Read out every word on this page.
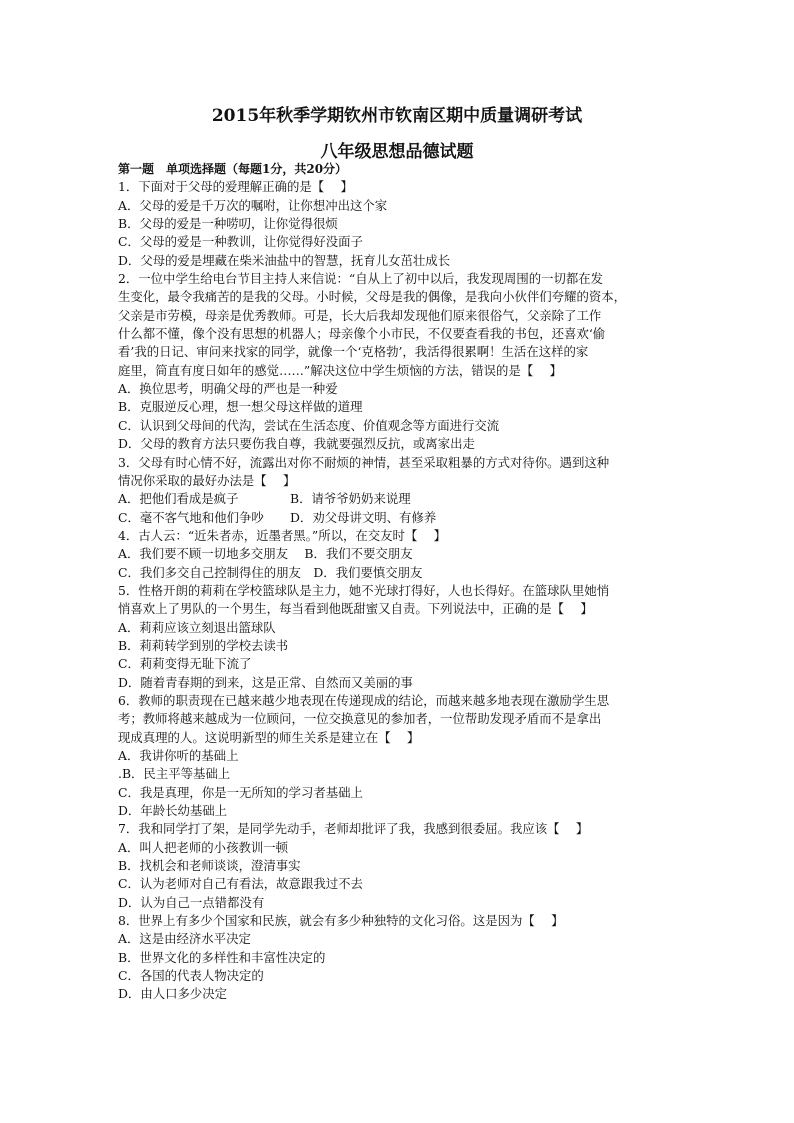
2015年秋季学期钦州市钦南区期中质量调研考试
八年级思想品德试题
第一题　单项选择题（每题1分，共20分）
1．下面对于父母的爱理解正确的是【　 】
A．父母的爱是千万次的嘱咐，让你想冲出这个家
B．父母的爱是一种唠叨，让你觉得很烦
C．父母的爱是一种教训，让你觉得好没面子
D．父母的爱是埋藏在柴米油盐中的智慧，抚育儿女茁壮成长
2．一位中学生给电台节目主持人来信说：“自从上了初中以后，我发现周围的一切都在发
生变化，最令我痛苦的是我的父母。小时候，父母是我的偶像，是我向小伙伴们夸耀的资本，
父亲是市劳模，母亲是优秀教师。可是，长大后我却发现他们原来很俗气，父亲除了工作
什么都不懂，像个没有思想的机器人；母亲像个小市民，不仅要查看我的书包，还喜欢‘偷
看’我的日记、审问来找家的同学，就像一个‘克格勃’，我活得很累啊！生活在这样的家
庭里，简直有度日如年的感觉……”解决这位中学生烦恼的方法，错误的是【　 】
A．换位思考，明确父母的严也是一种爱
B．克服逆反心理，想一想父母这样做的道理
C．认识到父母间的代沟，尝试在生活态度、价值观念等方面进行交流
D．父母的教育方法只要伤我自尊，我就要强烈反抗，或离家出走
3．父母有时心情不好，流露出对你不耐烦的神情，甚至采取粗暴的方式对待你。遇到这种
情况你采取的最好办法是【　 】
A．把他们看成是疯子	B．请爷爷奶奶来说理
C．毫不客气地和他们争吵 D．劝父母讲文明、有修养
4．古人云：“近朱者赤，近墨者黑。”所以，在交友时【　 】
A．我们要不顾一切地多交朋友　 B．我们不要交朋友
C．我们多交自己控制得住的朋友　D．我们要慎交朋友
5．性格开朗的莉莉在学校篮球队是主力，她不光球打得好，人也长得好。在篮球队里她悄
悄喜欢上了男队的一个男生，每当看到他既甜蜜又自责。下列说法中，正确的是【　 】
A．莉莉应该立刻退出篮球队
B．莉莉转学到别的学校去读书
C．莉莉变得无耻下流了
D．随着青春期的到来，这是正常、自然而又美丽的事
6．教师的职责现在已越来越少地表现在传递现成的结论，而越来越多地表现在激励学生思
考；教师将越来越成为一位顾问，一位交换意见的参加者，一位帮助发现矛盾而不是拿出
现成真理的人。这说明新型的师生关系是建立在【　 】
A．我讲你听的基础上
.B．民主平等基础上
C．我是真理，你是一无所知的学习者基础上
D．年龄长幼基础上
7．我和同学打了架，是同学先动手，老师却批评了我，我感到很委屈。我应该【　 】
A．叫人把老师的小孩教训一顿
B．找机会和老师谈谈，澄清事实
C．认为老师对自己有看法，故意跟我过不去
D．认为自己一点错都没有
8．世界上有多少个国家和民族，就会有多少种独特的文化习俗。这是因为【　 】
A．这是由经济水平决定
B．世界文化的多样性和丰富性决定的
C．各国的代表人物决定的
D．由人口多少决定
